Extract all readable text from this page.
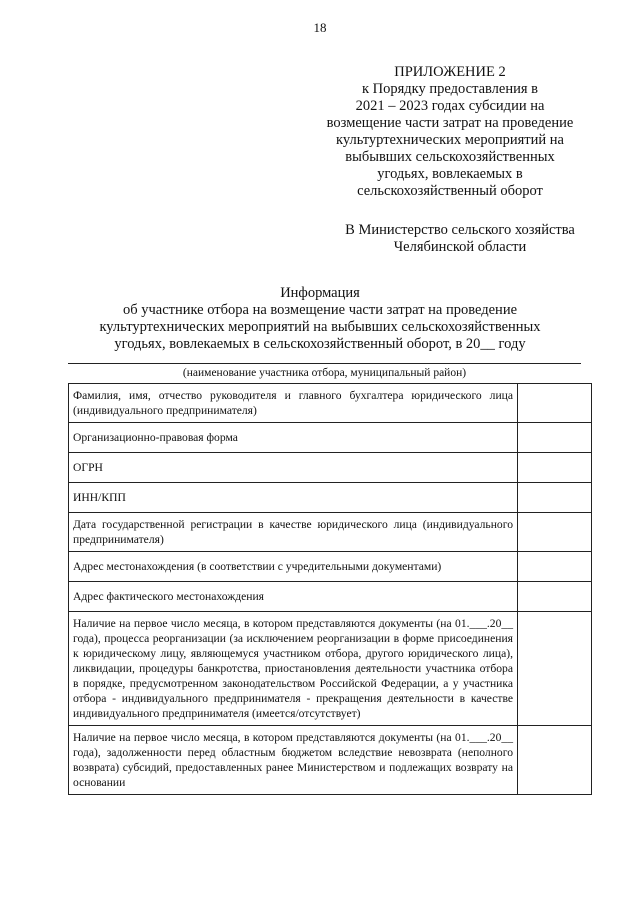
18
ПРИЛОЖЕНИЕ 2
к Порядку предоставления в
2021 – 2023 годах субсидии на
возмещение части затрат на проведение
культуртехнических мероприятий на
выбывших сельскохозяйственных
угодьях, вовлекаемых в
сельскохозяйственный оборот
В Министерство сельского хозяйства
Челябинской области
Информация
об участнике отбора на возмещение части затрат на проведение
культуртехнических мероприятий на выбывших сельскохозяйственных
угодьях, вовлекаемых в сельскохозяйственный оборот, в 20__ году
(наименование участника отбора, муниципальный район)
Фамилия, имя, отчество руководителя и главного бухгалтера юридического лица (индивидуального предпринимателя)	
Организационно-правовая форма	
ОГРН	
ИНН/КПП	
Дата государственной регистрации в качестве юридического лица (индивидуального предпринимателя)	
Адрес местонахождения (в соответствии с учредительными документами)	
Адрес фактического местонахождения	
Наличие на первое число месяца, в котором представляются документы (на 01.___.20__ года), процесса реорганизации (за исключением реорганизации в форме присоединения к юридическому лицу, являющемуся участником отбора, другого юридического лица), ликвидации, процедуры банкротства, приостановления деятельности участника отбора в порядке, предусмотренном законодательством Российской Федерации, а у участника отбора - индивидуального предпринимателя - прекращения деятельности в качестве индивидуального предпринимателя (имеется/отсутствует)	
Наличие на первое число месяца, в котором представляются документы (на 01.___.20__ года), задолженности перед областным бюджетом вследствие невозврата (неполного возврата) субсидий, предоставленных ранее Министерством и подлежащих возврату на основании	
